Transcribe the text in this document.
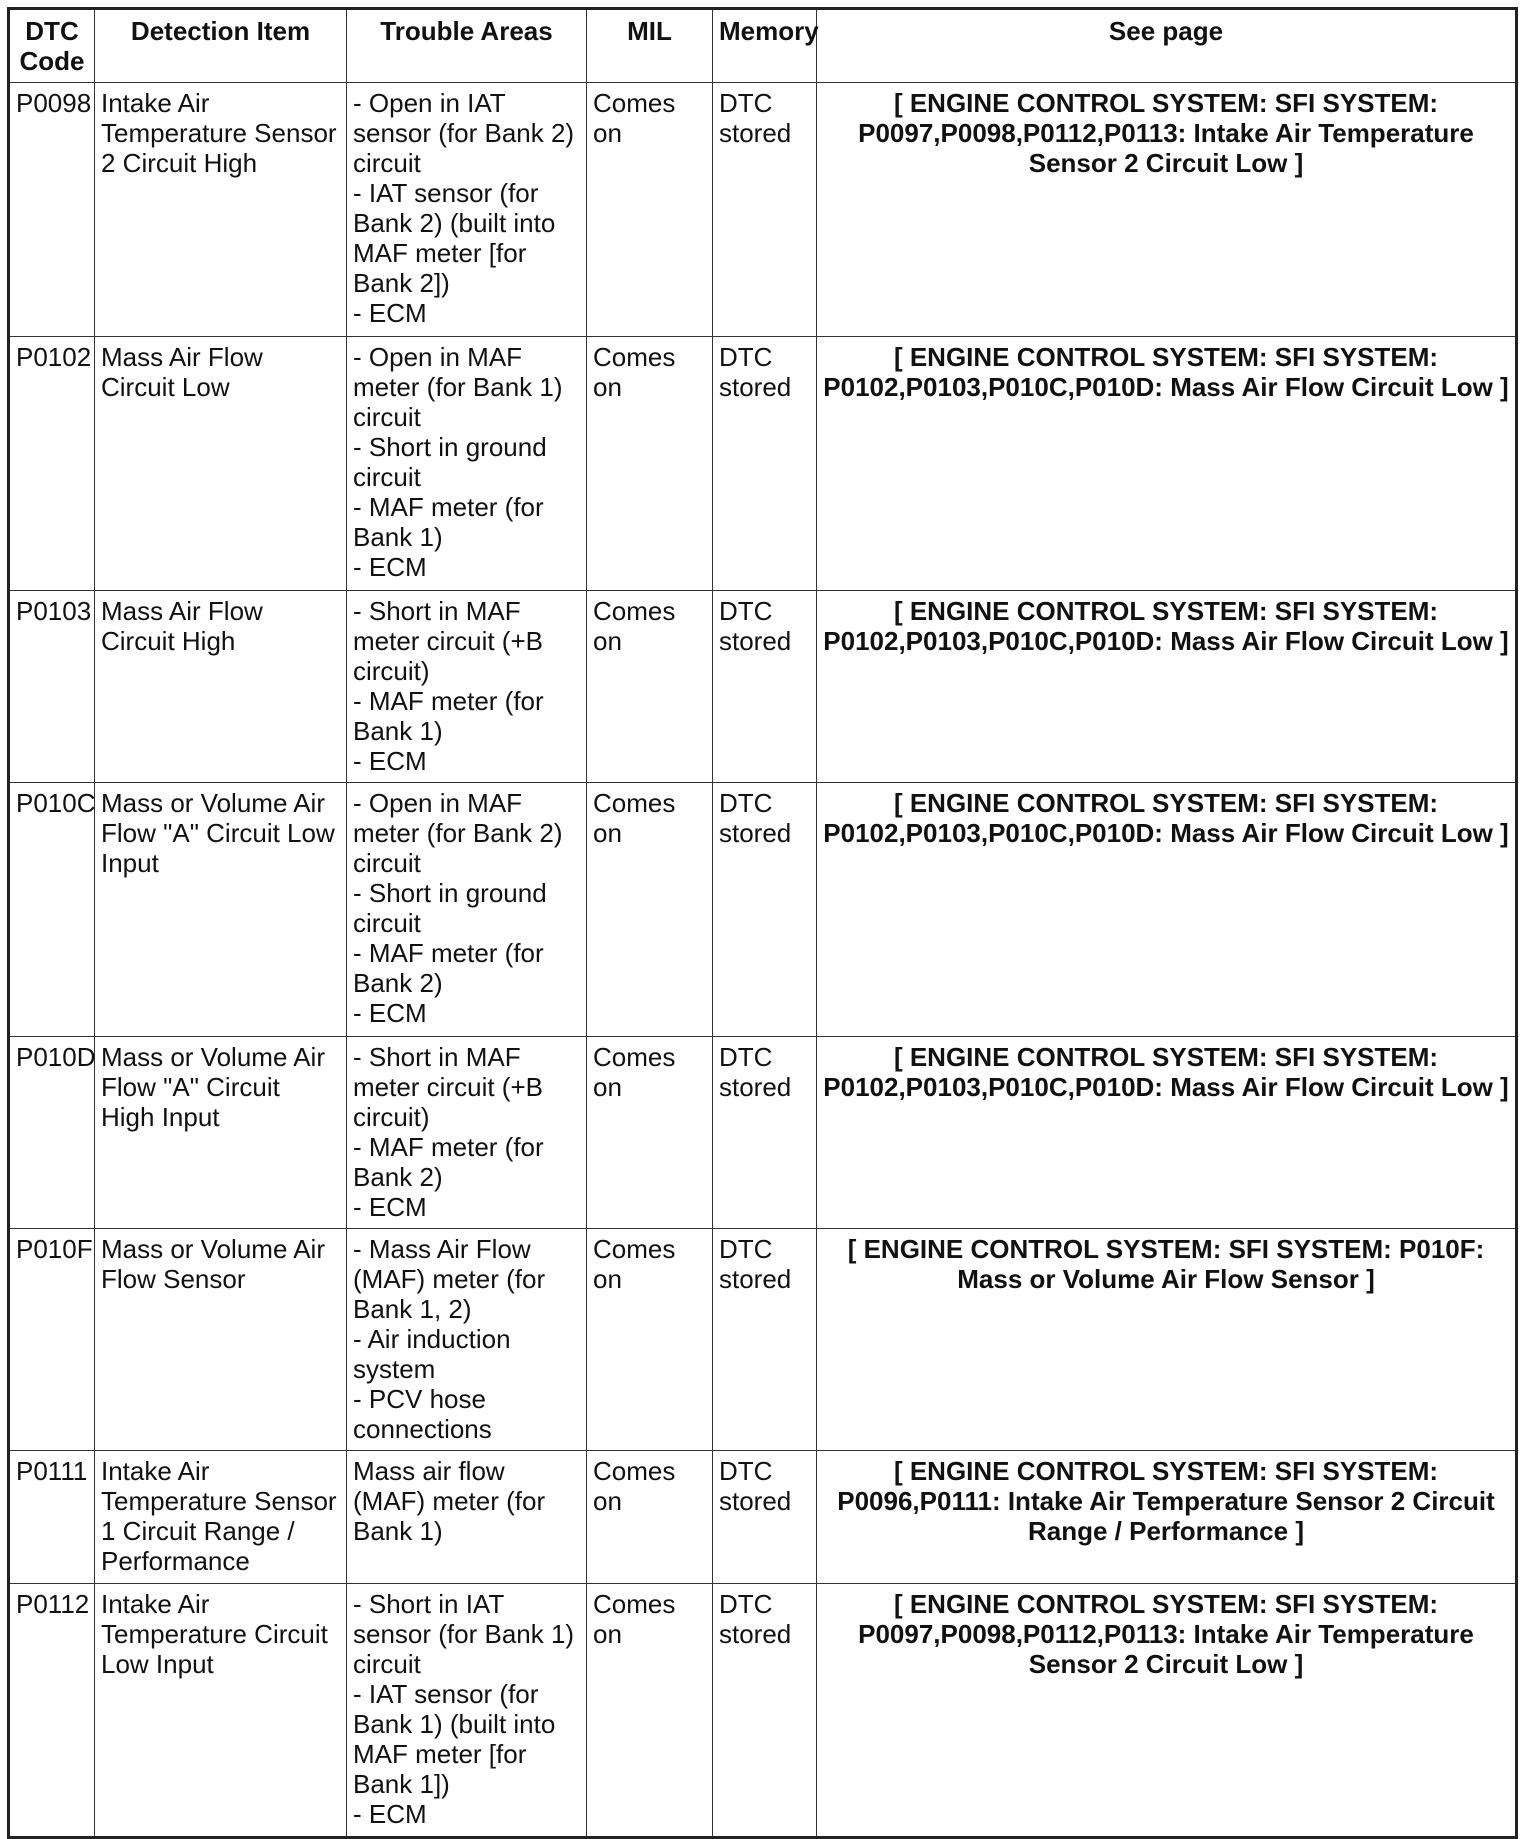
DTC Code	Detection Item	Trouble Areas	MIL	Memory	See page
P0098	Intake Air Temperature Sensor 2 Circuit High	- Open in IAT sensor (for Bank 2) circuit
- IAT sensor (for Bank 2) (built into MAF meter [for Bank 2])
- ECM	Comes on	DTC stored	[ ENGINE CONTROL SYSTEM: SFI SYSTEM: P0097,P0098,P0112,P0113: Intake Air Temperature Sensor 2 Circuit Low ]
P0102	Mass Air Flow Circuit Low	- Open in MAF meter (for Bank 1) circuit
- Short in ground circuit
- MAF meter (for Bank 1)
- ECM	Comes on	DTC stored	[ ENGINE CONTROL SYSTEM: SFI SYSTEM: P0102,P0103,P010C,P010D: Mass Air Flow Circuit Low ]
P0103	Mass Air Flow Circuit High	- Short in MAF meter circuit (+B circuit)
- MAF meter (for Bank 1)
- ECM	Comes on	DTC stored	[ ENGINE CONTROL SYSTEM: SFI SYSTEM: P0102,P0103,P010C,P010D: Mass Air Flow Circuit Low ]
P010C	Mass or Volume Air Flow "A" Circuit Low Input	- Open in MAF meter (for Bank 2) circuit
- Short in ground circuit
- MAF meter (for Bank 2)
- ECM	Comes on	DTC stored	[ ENGINE CONTROL SYSTEM: SFI SYSTEM: P0102,P0103,P010C,P010D: Mass Air Flow Circuit Low ]
P010D	Mass or Volume Air Flow "A" Circuit High Input	- Short in MAF meter circuit (+B circuit)
- MAF meter (for Bank 2)
- ECM	Comes on	DTC stored	[ ENGINE CONTROL SYSTEM: SFI SYSTEM: P0102,P0103,P010C,P010D: Mass Air Flow Circuit Low ]
P010F	Mass or Volume Air Flow Sensor	- Mass Air Flow (MAF) meter (for Bank 1, 2)
- Air induction system
- PCV hose connections	Comes on	DTC stored	[ ENGINE CONTROL SYSTEM: SFI SYSTEM: P010F: Mass or Volume Air Flow Sensor ]
P0111	Intake Air Temperature Sensor 1 Circuit Range / Performance	Mass air flow (MAF) meter (for Bank 1)	Comes on	DTC stored	[ ENGINE CONTROL SYSTEM: SFI SYSTEM: P0096,P0111: Intake Air Temperature Sensor 2 Circuit Range / Performance ]
P0112	Intake Air Temperature Circuit Low Input	- Short in IAT sensor (for Bank 1) circuit
- IAT sensor (for Bank 1) (built into MAF meter [for Bank 1])
- ECM	Comes on	DTC stored	[ ENGINE CONTROL SYSTEM: SFI SYSTEM: P0097,P0098,P0112,P0113: Intake Air Temperature Sensor 2 Circuit Low ]
